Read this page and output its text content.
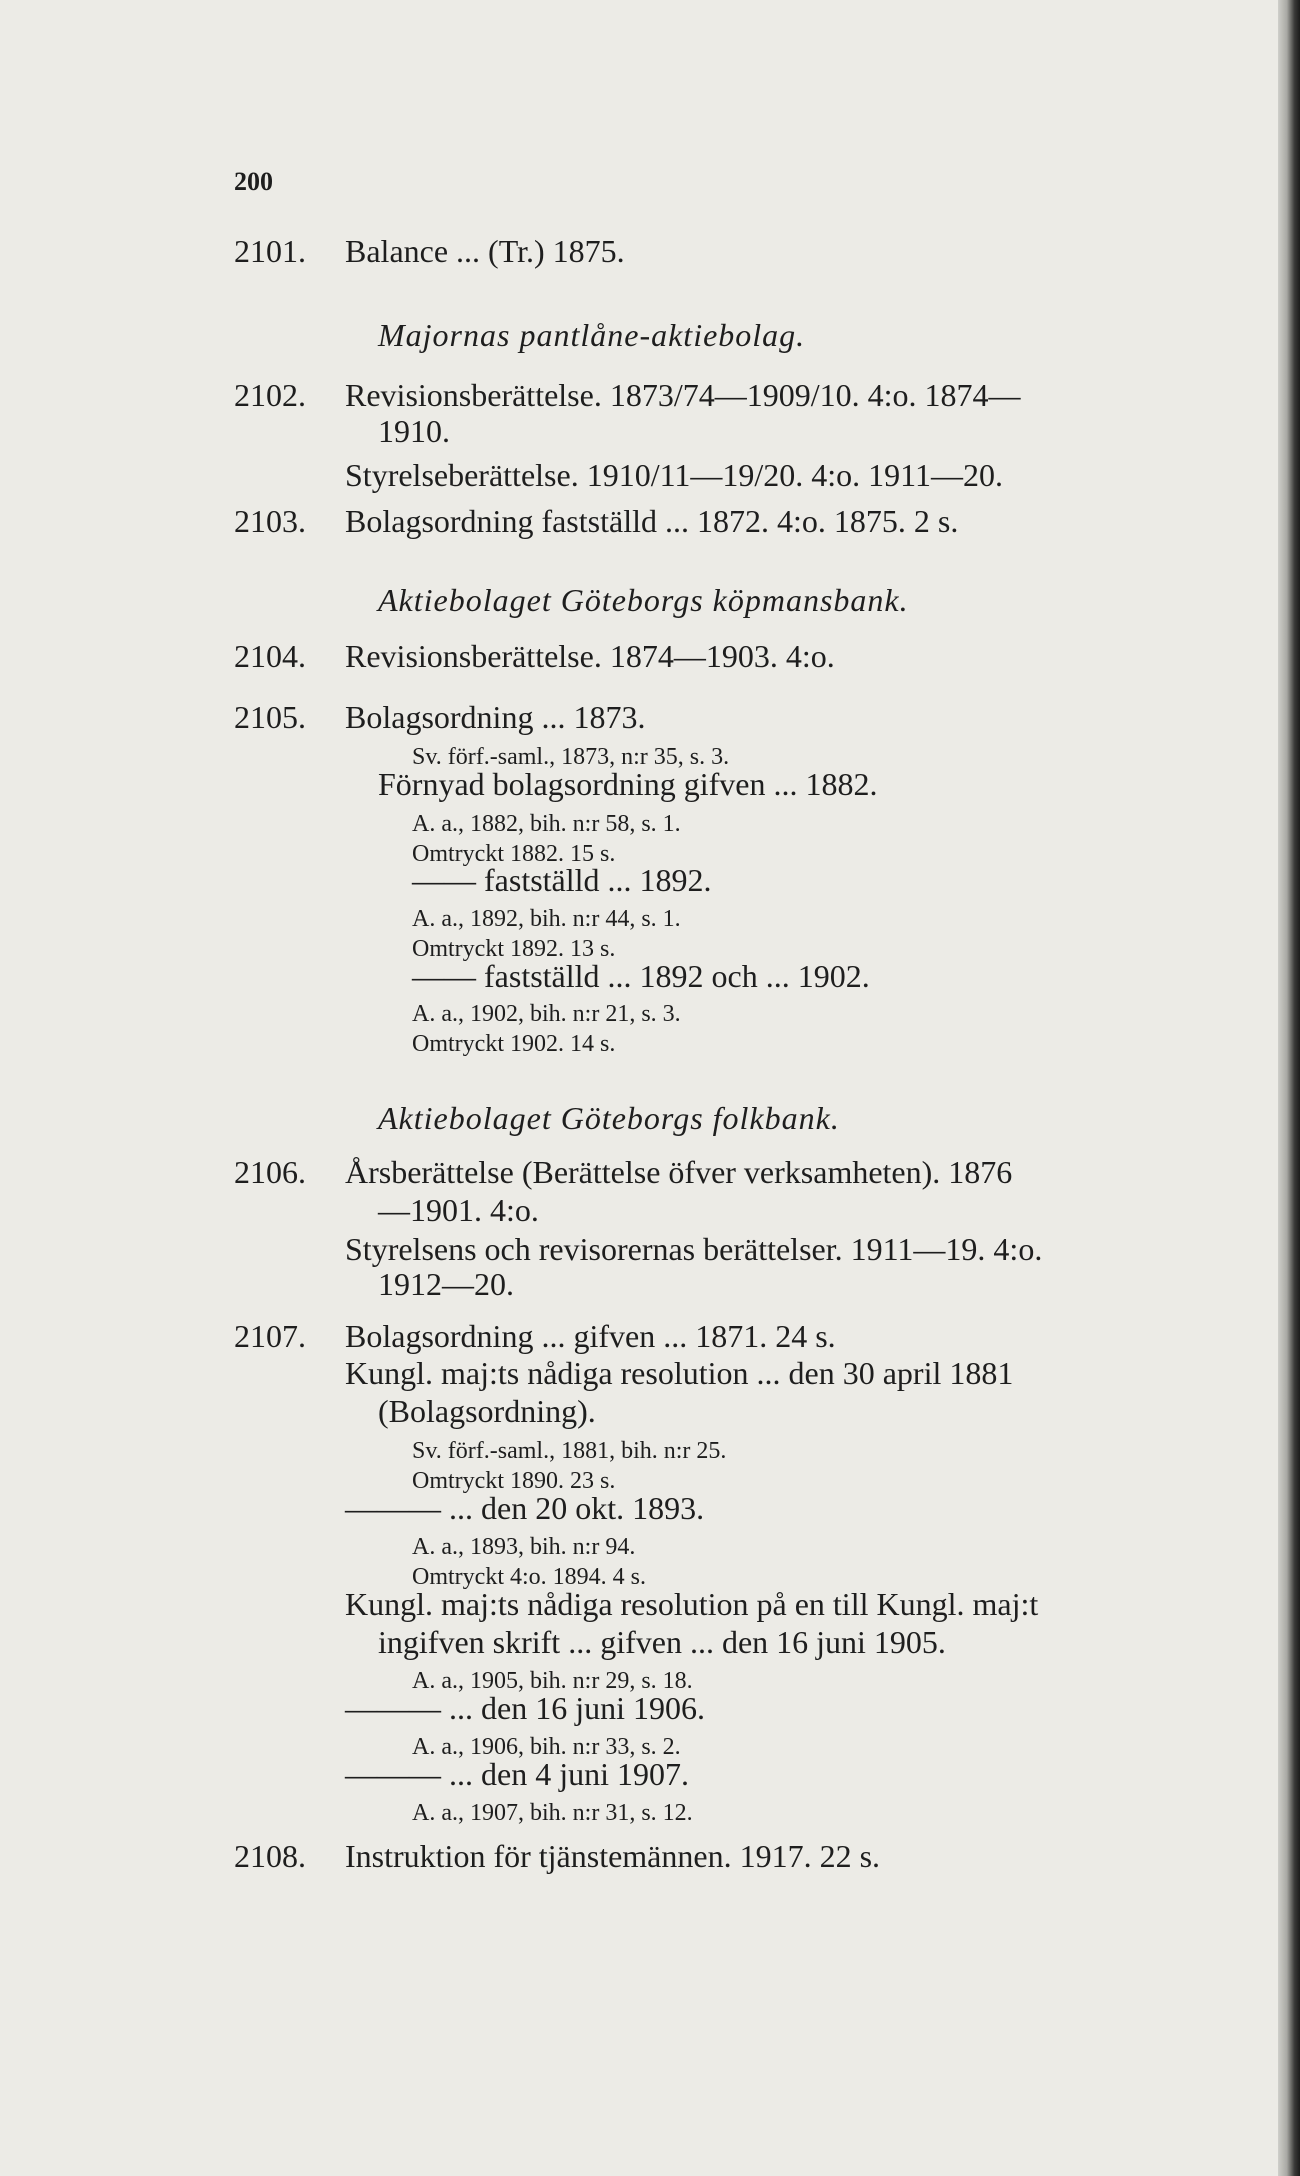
200
2101. Balance ... (Tr.) 1875.
Majornas pantlåne-aktiebolag.
2102. Revisionsberättelse. 1873/74—1909/10. 4:o. 1874—
1910.
Styrelseberättelse. 1910/11—19/20. 4:o. 1911—20.
2103. Bolagsordning fastställd ... 1872. 4:o. 1875. 2 s.
Aktiebolaget Göteborgs köpmansbank.
2104. Revisionsberättelse. 1874—1903. 4:o.
2105. Bolagsordning ... 1873.
Sv. förf.-saml., 1873, n:r 35, s. 3.
Förnyad bolagsordning gifven ... 1882.
A. a., 1882, bih. n:r 58, s. 1.
Omtryckt 1882. 15 s.
—— fastställd ... 1892.
A. a., 1892, bih. n:r 44, s. 1.
Omtryckt 1892. 13 s.
—— fastställd ... 1892 och ... 1902.
A. a., 1902, bih. n:r 21, s. 3.
Omtryckt 1902. 14 s.
Aktiebolaget Göteborgs folkbank.
2106. Årsberättelse (Berättelse öfver verksamheten). 1876
—1901. 4:o.
Styrelsens och revisorernas berättelser. 1911—19. 4:o.
1912—20.
2107. Bolagsordning ... gifven ... 1871. 24 s.
Kungl. maj:ts nådiga resolution ... den 30 april 1881
(Bolagsordning).
Sv. förf.-saml., 1881, bih. n:r 25.
Omtryckt 1890. 23 s.
——— ... den 20 okt. 1893.
A. a., 1893, bih. n:r 94.
Omtryckt 4:o. 1894. 4 s.
Kungl. maj:ts nådiga resolution på en till Kungl. maj:t
ingifven skrift ... gifven ... den 16 juni 1905.
A. a., 1905, bih. n:r 29, s. 18.
——— ... den 16 juni 1906.
A. a., 1906, bih. n:r 33, s. 2.
——— ... den 4 juni 1907.
A. a., 1907, bih. n:r 31, s. 12.
2108. Instruktion för tjänstemännen. 1917. 22 s.
